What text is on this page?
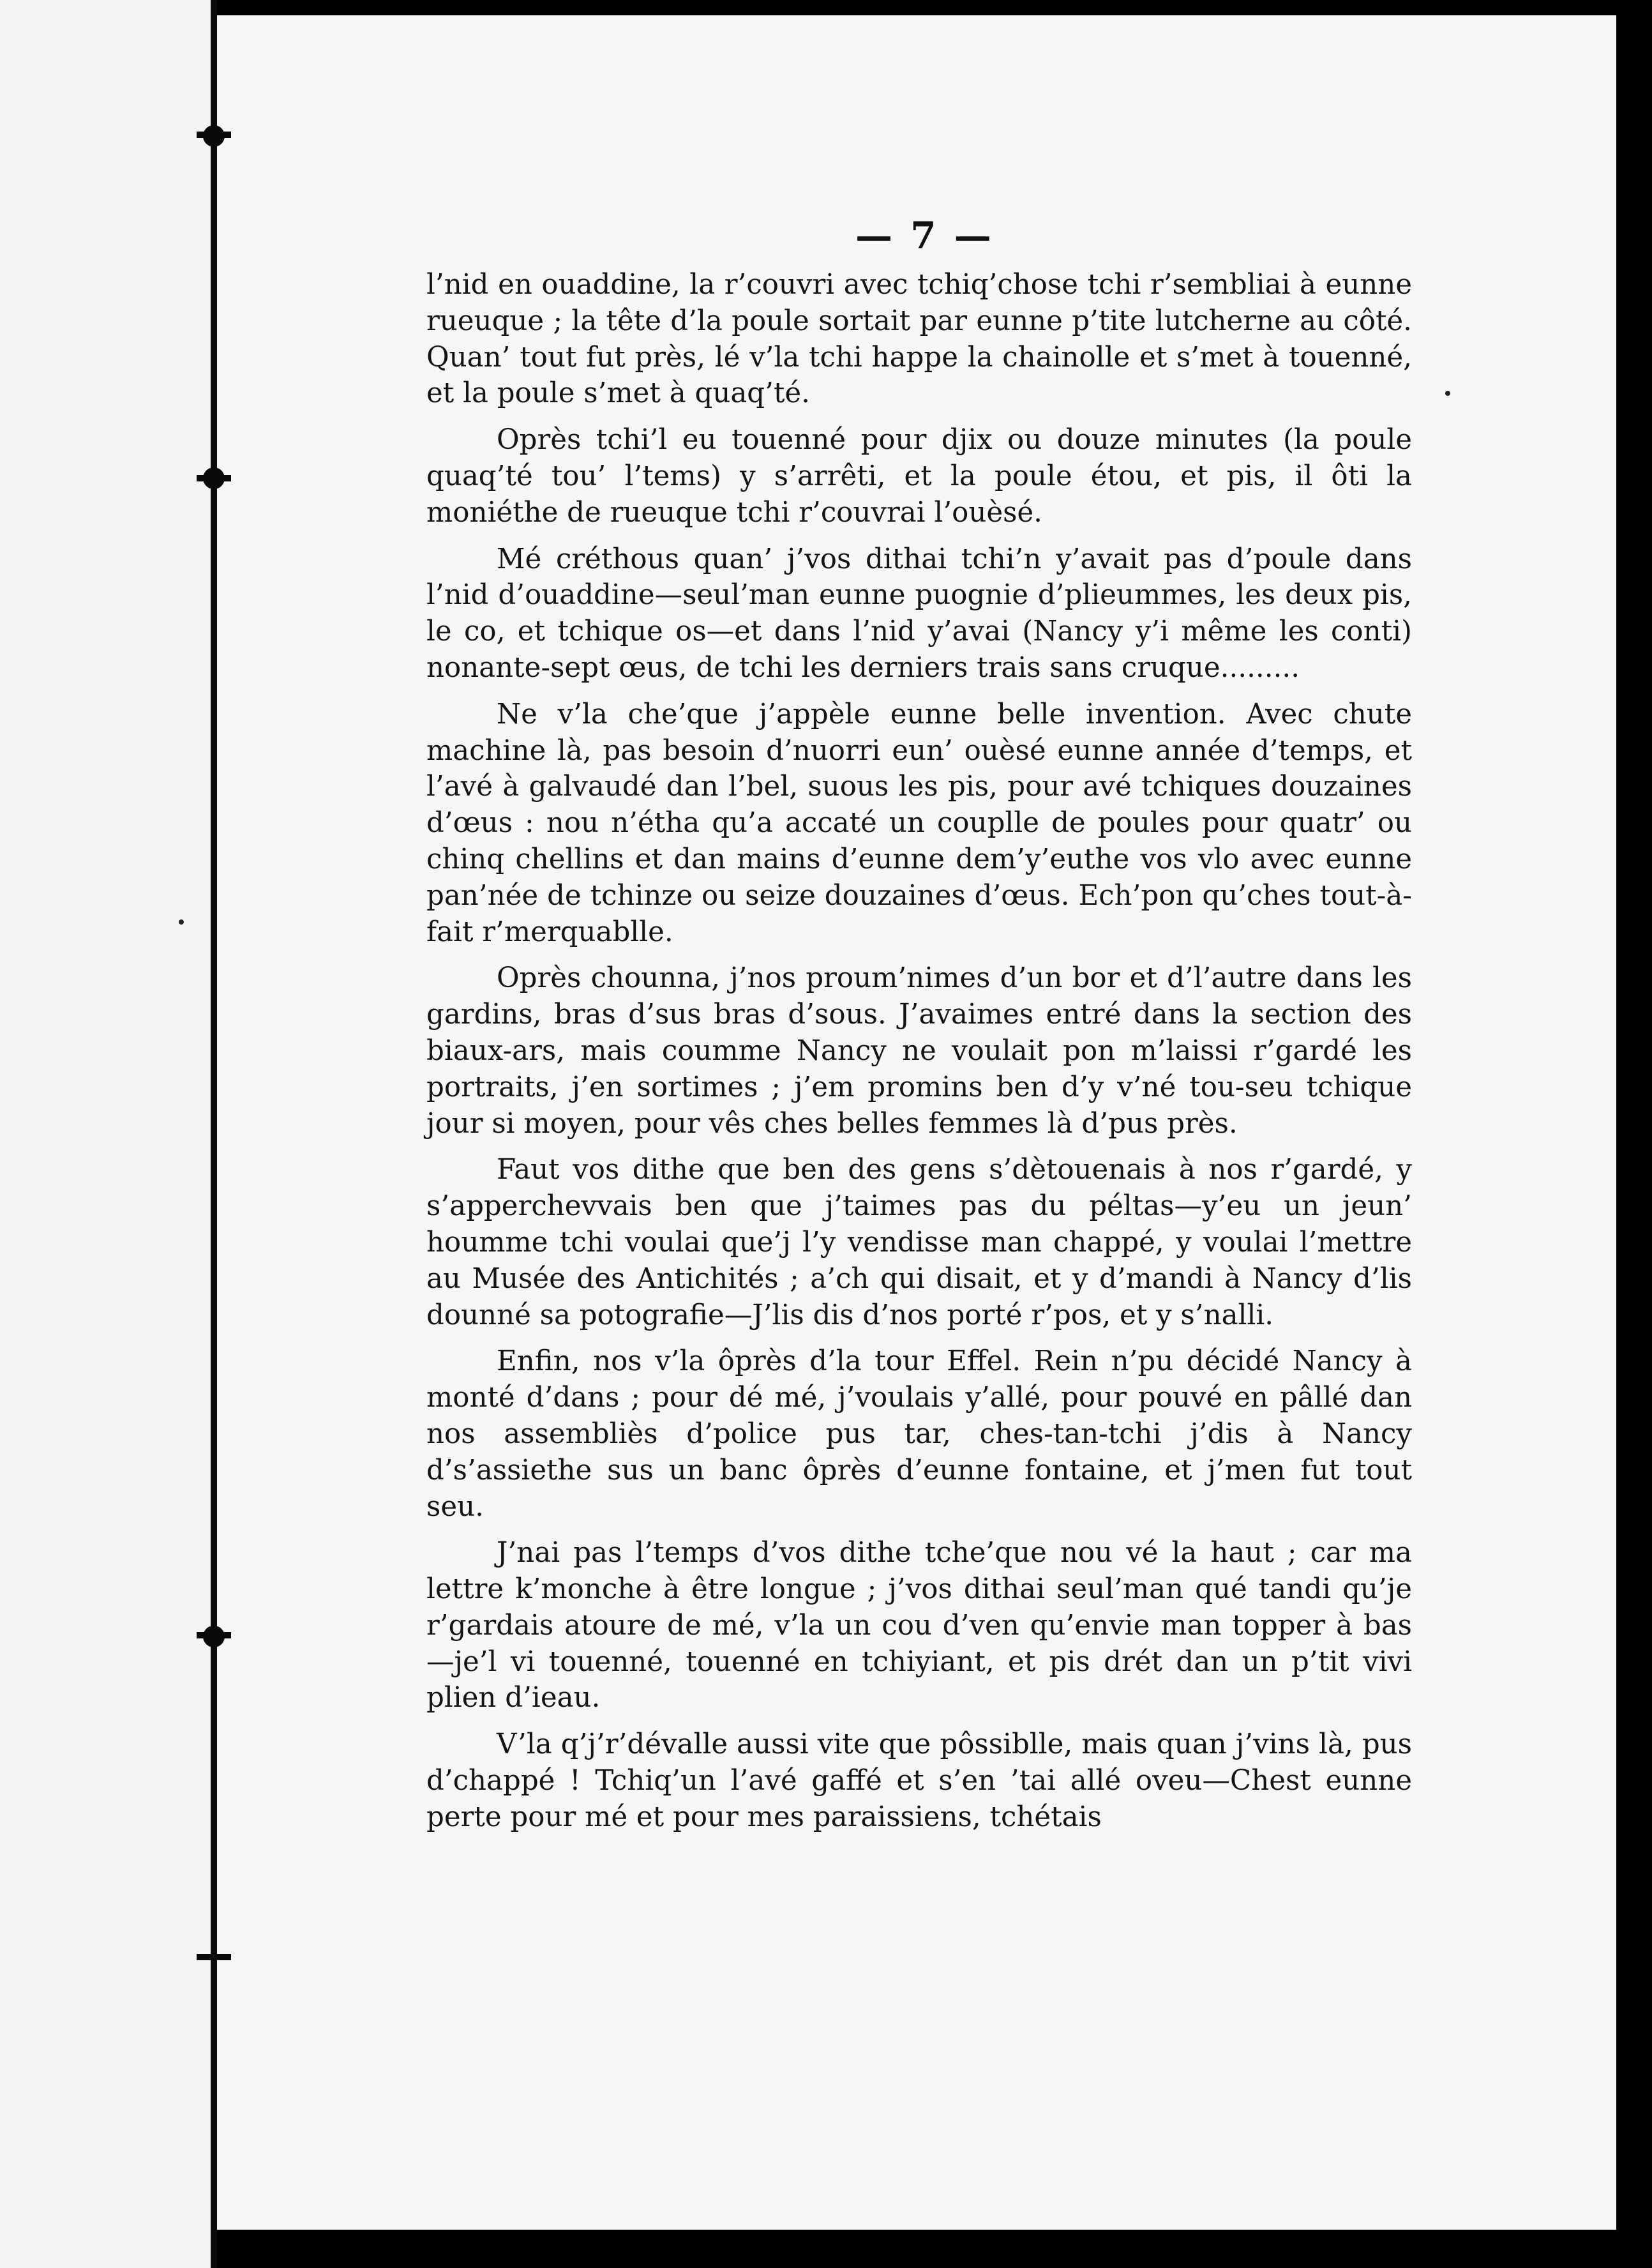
— 7 —

l’nid en ouaddine, la r’couvri avec tchiq’chose tchi r’sembliai à eunne rueuque ; la tête d’la poule sortait par eunne p’tite lutcherne au côté. Quan’ tout fut près, lé v’la tchi happe la chainolle et s’met à touenné, et la poule s’met à quaq’té.

Oprès tchi’l eu touenné pour djix ou douze minutes (la poule quaq’té tou’ l’tems) y s’arrêti, et la poule étou, et pis, il ôti la moniéthe de rueuque tchi r’couvrai l’ouèsé.

Mé créthous quan’ j’vos dithai tchi’n y’avait pas d’poule dans l’nid d’ouaddine—seul’man eunne puognie d’plieummes, les deux pis, le co, et tchique os—et dans l’nid y’avai (Nancy y’i même les conti) nonante-sept œus, de tchi les derniers trais sans cruque.........

Ne v’la che’que j’appèle eunne belle invention. Avec chute machine là, pas besoin d’nuorri eun’ ouèsé eunne année d’temps, et l’avé à galvaudé dan l’bel, suous les pis, pour avé tchiques douzaines d’œus : nou n’étha qu’a accaté un couplle de poules pour quatr’ ou chinq chellins et dan mains d’eunne dem’y’euthe vos vlo avec eunne pan’née de tchinze ou seize douzaines d’œus. Ech’pon qu’ches tout-à-fait r’merquablle.

Oprès chounna, j’nos proum’nimes d’un bor et d’l’autre dans les gardins, bras d’sus bras d’sous. J’avaimes entré dans la section des biaux-ars, mais coumme Nancy ne voulait pon m’laissi r’gardé les portraits, j’en sortimes ; j’em promins ben d’y v’né tou-seu tchique jour si moyen, pour vês ches belles femmes là d’pus près.

Faut vos dithe que ben des gens s’dètouenais à nos r’gardé, y s’apperchevvais ben que j’taimes pas du péltas—y’eu un jeun’ houmme tchi voulai que’j l’y vendisse man chappé, y voulai l’mettre au Musée des Antichités ; a’ch qui disait, et y d’mandi à Nancy d’lis dounné sa potografie—J’lis dis d’nos porté r’pos, et y s’nalli.

Enfin, nos v’la ôprès d’la tour Effel. Rein n’pu décidé Nancy à monté d’dans ; pour dé mé, j’voulais y’allé, pour pouvé en pâllé dan nos assembliès d’police pus tar, ches-tan-tchi j’dis à Nancy d’s’assiethe sus un banc ôprès d’eunne fontaine, et j’men fut tout seu.

J’nai pas l’temps d’vos dithe tche’que nou vé la haut ; car ma lettre k’monche à être longue ; j’vos dithai seul’man qué tandi qu’je r’gardais atoure de mé, v’la un cou d’ven qu’envie man topper à bas—je’l vi touenné, touenné en tchiyiant, et pis drét dan un p’tit vivi plien d’ieau.

V’la q’j’r’dévalle aussi vite que pôssiblle, mais quan j’vins là, pus d’chappé ! Tchiq’un l’avé gaffé et s’en ’tai allé oveu—Chest eunne perte pour mé et pour mes paraissiens, tchétais
